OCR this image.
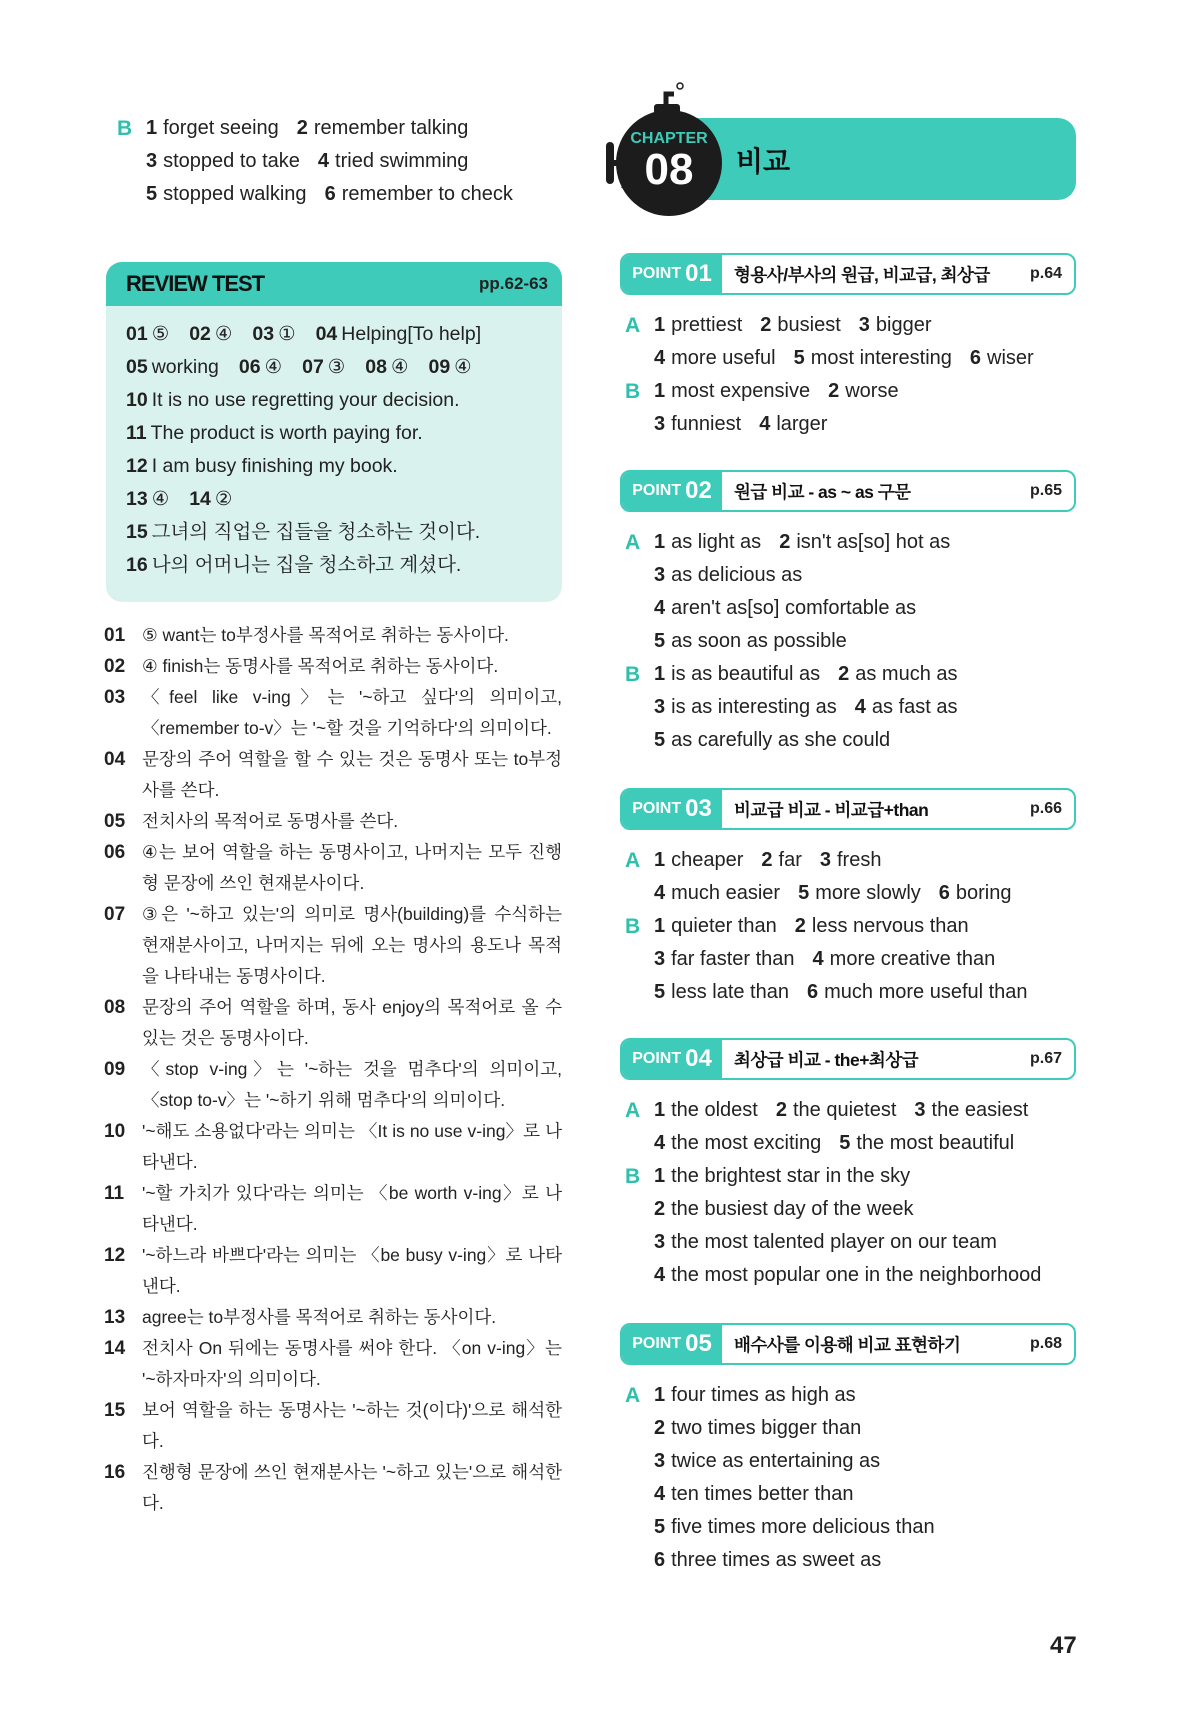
B 1 forget seeing 2 remember talking
3 stopped to take 4 tried swimming
5 stopped walking 6 remember to check
REVIEW TEST	pp.62-63
01 ⑤ 02 ④ 03 ① 04 Helping[To help]
05 working 06 ④ 07 ③ 08 ④ 09 ④
10 It is no use regretting your decision.
11 The product is worth paying for.
12 I am busy finishing my book.
13 ④ 14 ②
15 그녀의 직업은 집들을 청소하는 것이다.
16 나의 어머니는 집을 청소하고 계셨다.
01 ⑤ want는 to부정사를 목적어로 취하는 동사이다.
02 ④ finish는 동명사를 목적어로 취하는 동사이다.
03 〈feel like v-ing〉는 '~하고 싶다'의 의미이고, 〈remember to-v〉는 '~할 것을 기억하다'의 의미이다.
04 문장의 주어 역할을 할 수 있는 것은 동명사 또는 to부정사를 쓴다.
05 전치사의 목적어로 동명사를 쓴다.
06 ④는 보어 역할을 하는 동명사이고, 나머지는 모두 진행형 문장에 쓰인 현재분사이다.
07 ③은 '~하고 있는'의 의미로 명사(building)를 수식하는 현재분사이고, 나머지는 뒤에 오는 명사의 용도나 목적을 나타내는 동명사이다.
08 문장의 주어 역할을 하며, 동사 enjoy의 목적어로 올 수 있는 것은 동명사이다.
09 〈stop v-ing〉는 '~하는 것을 멈추다'의 의미이고, 〈stop to-v〉는 '~하기 위해 멈추다'의 의미이다.
10 '~해도 소용없다'라는 의미는 〈It is no use v-ing〉로 나타낸다.
11	'~할 가치가 있다'라는 의미는 〈be worth v-ing〉로 나타낸다.
12 '~하느라 바쁘다'라는 의미는 〈be busy v-ing〉로 나타낸다.
13 agree는 to부정사를 목적어로 취하는 동사이다.
14 전치사 On 뒤에는 동명사를 써야 한다. 〈on v-ing〉는 '~하자마자'의 의미이다.
15 보어 역할을 하는 동명사는 '~하는 것(이다)'으로 해석한다.
16 진행형 문장에 쓰인 현재분사는 '~하고 있는'으로 해석한다.
CHAPTER
08	비교
POINT 01	형용사/부사의 원급, 비교급, 최상급	p.64
A 1 prettiest 2 busiest 3 bigger
4 more useful 5 most interesting 6 wiser
B 1 most expensive 2 worse
3 funniest 4 larger
POINT 02	원급 비교 - as ~ as 구문	p.65
A 1 as light as 2 isn't as[so] hot as
3 as delicious as
4 aren't as[so] comfortable as
5 as soon as possible
B 1 is as beautiful as 2 as much as
3 is as interesting as 4 as fast as
5 as carefully as she could
POINT 03	비교급 비교 - 비교급+than	p.66
A 1 cheaper 2 far 3 fresh
4 much easier 5 more slowly 6 boring
B 1 quieter than 2 less nervous than
3 far faster than 4 more creative than
5 less late than 6 much more useful than
POINT 04	최상급 비교 - the+최상급	p.67
A 1 the oldest 2 the quietest 3 the easiest
4 the most exciting 5 the most beautiful
B 1 the brightest star in the sky
2 the busiest day of the week
3 the most talented player on our team
4 the most popular one in the neighborhood
POINT 05	배수사를 이용해 비교 표현하기	p.68
A 1 four times as high as
2 two times bigger than
3 twice as entertaining as
4 ten times better than
5 five times more delicious than
6 three times as sweet as
47
